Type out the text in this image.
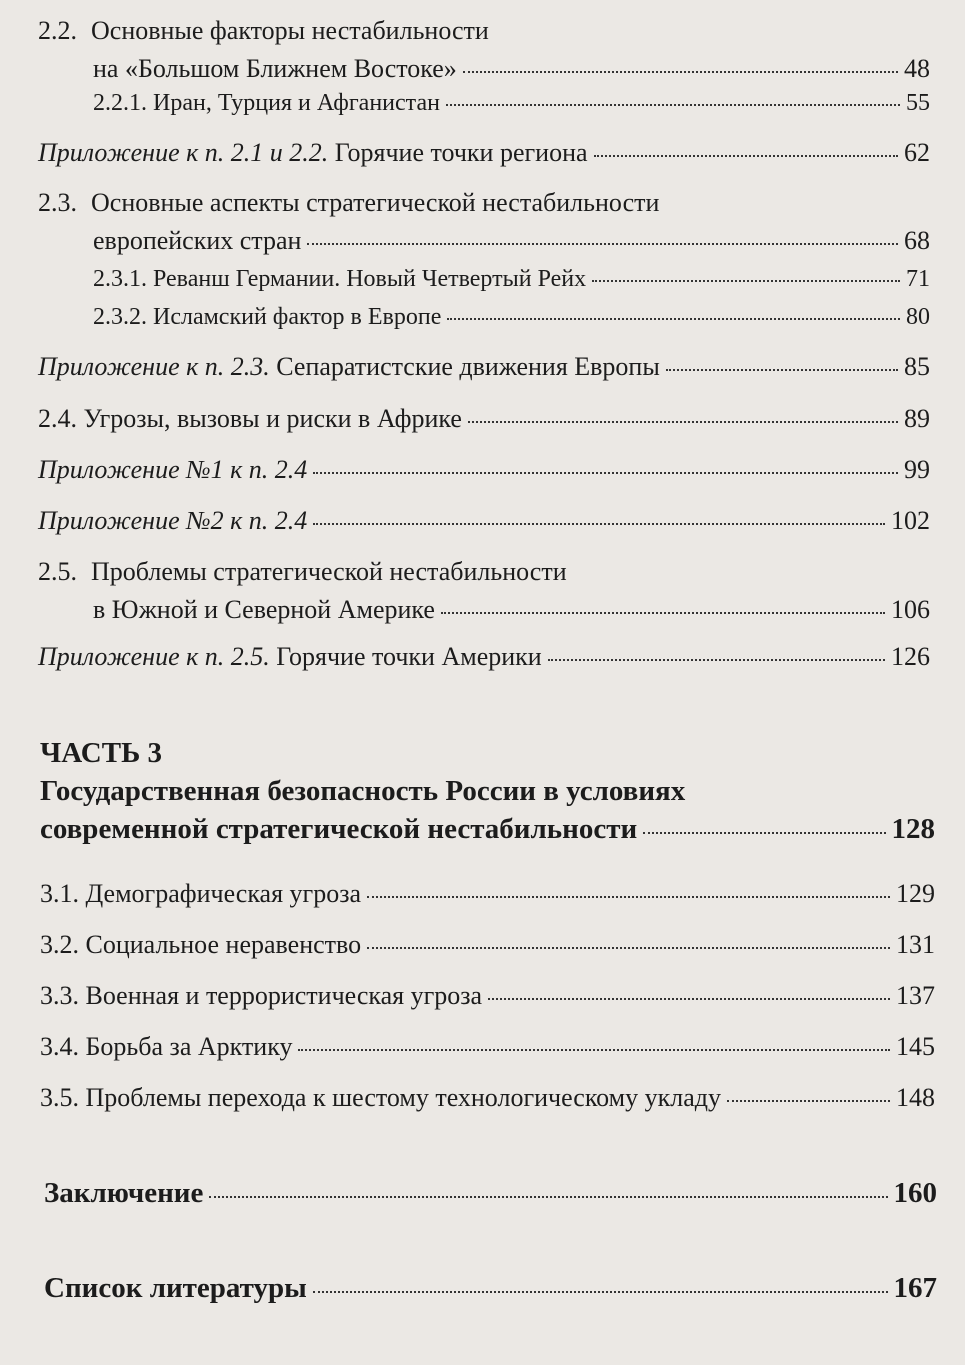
2.2. Основные факторы нестабильности
на «Большом Ближнем Востоке»	48
2.2.1. Иран, Турция и Афганистан	55
Приложение к п. 2.1 и 2.2. Горячие точки региона	62
2.3. Основные аспекты стратегической нестабильности
европейских стран	68
2.3.1. Реванш Германии. Новый Четвертый Рейх	71
2.3.2. Исламский фактор в Европе	80
Приложение к п. 2.3. Сепаратистские движения Европы	85
2.4. Угрозы, вызовы и риски в Африке	89
Приложение №1 к п. 2.4	99
Приложение №2 к п. 2.4	102
2.5. Проблемы стратегической нестабильности
в Южной и Северной Америке	106
Приложение к п. 2.5. Горячие точки Америки	126
ЧАСТЬ 3
Государственная безопасность России в условиях
современной стратегической нестабильности	128
3.1. Демографическая угроза	129
3.2. Социальное неравенство	131
3.3. Военная и террористическая угроза	137
3.4. Борьба за Арктику	145
3.5. Проблемы перехода к шестому технологическому укладу	148
Заключение	160
Список литературы	167
